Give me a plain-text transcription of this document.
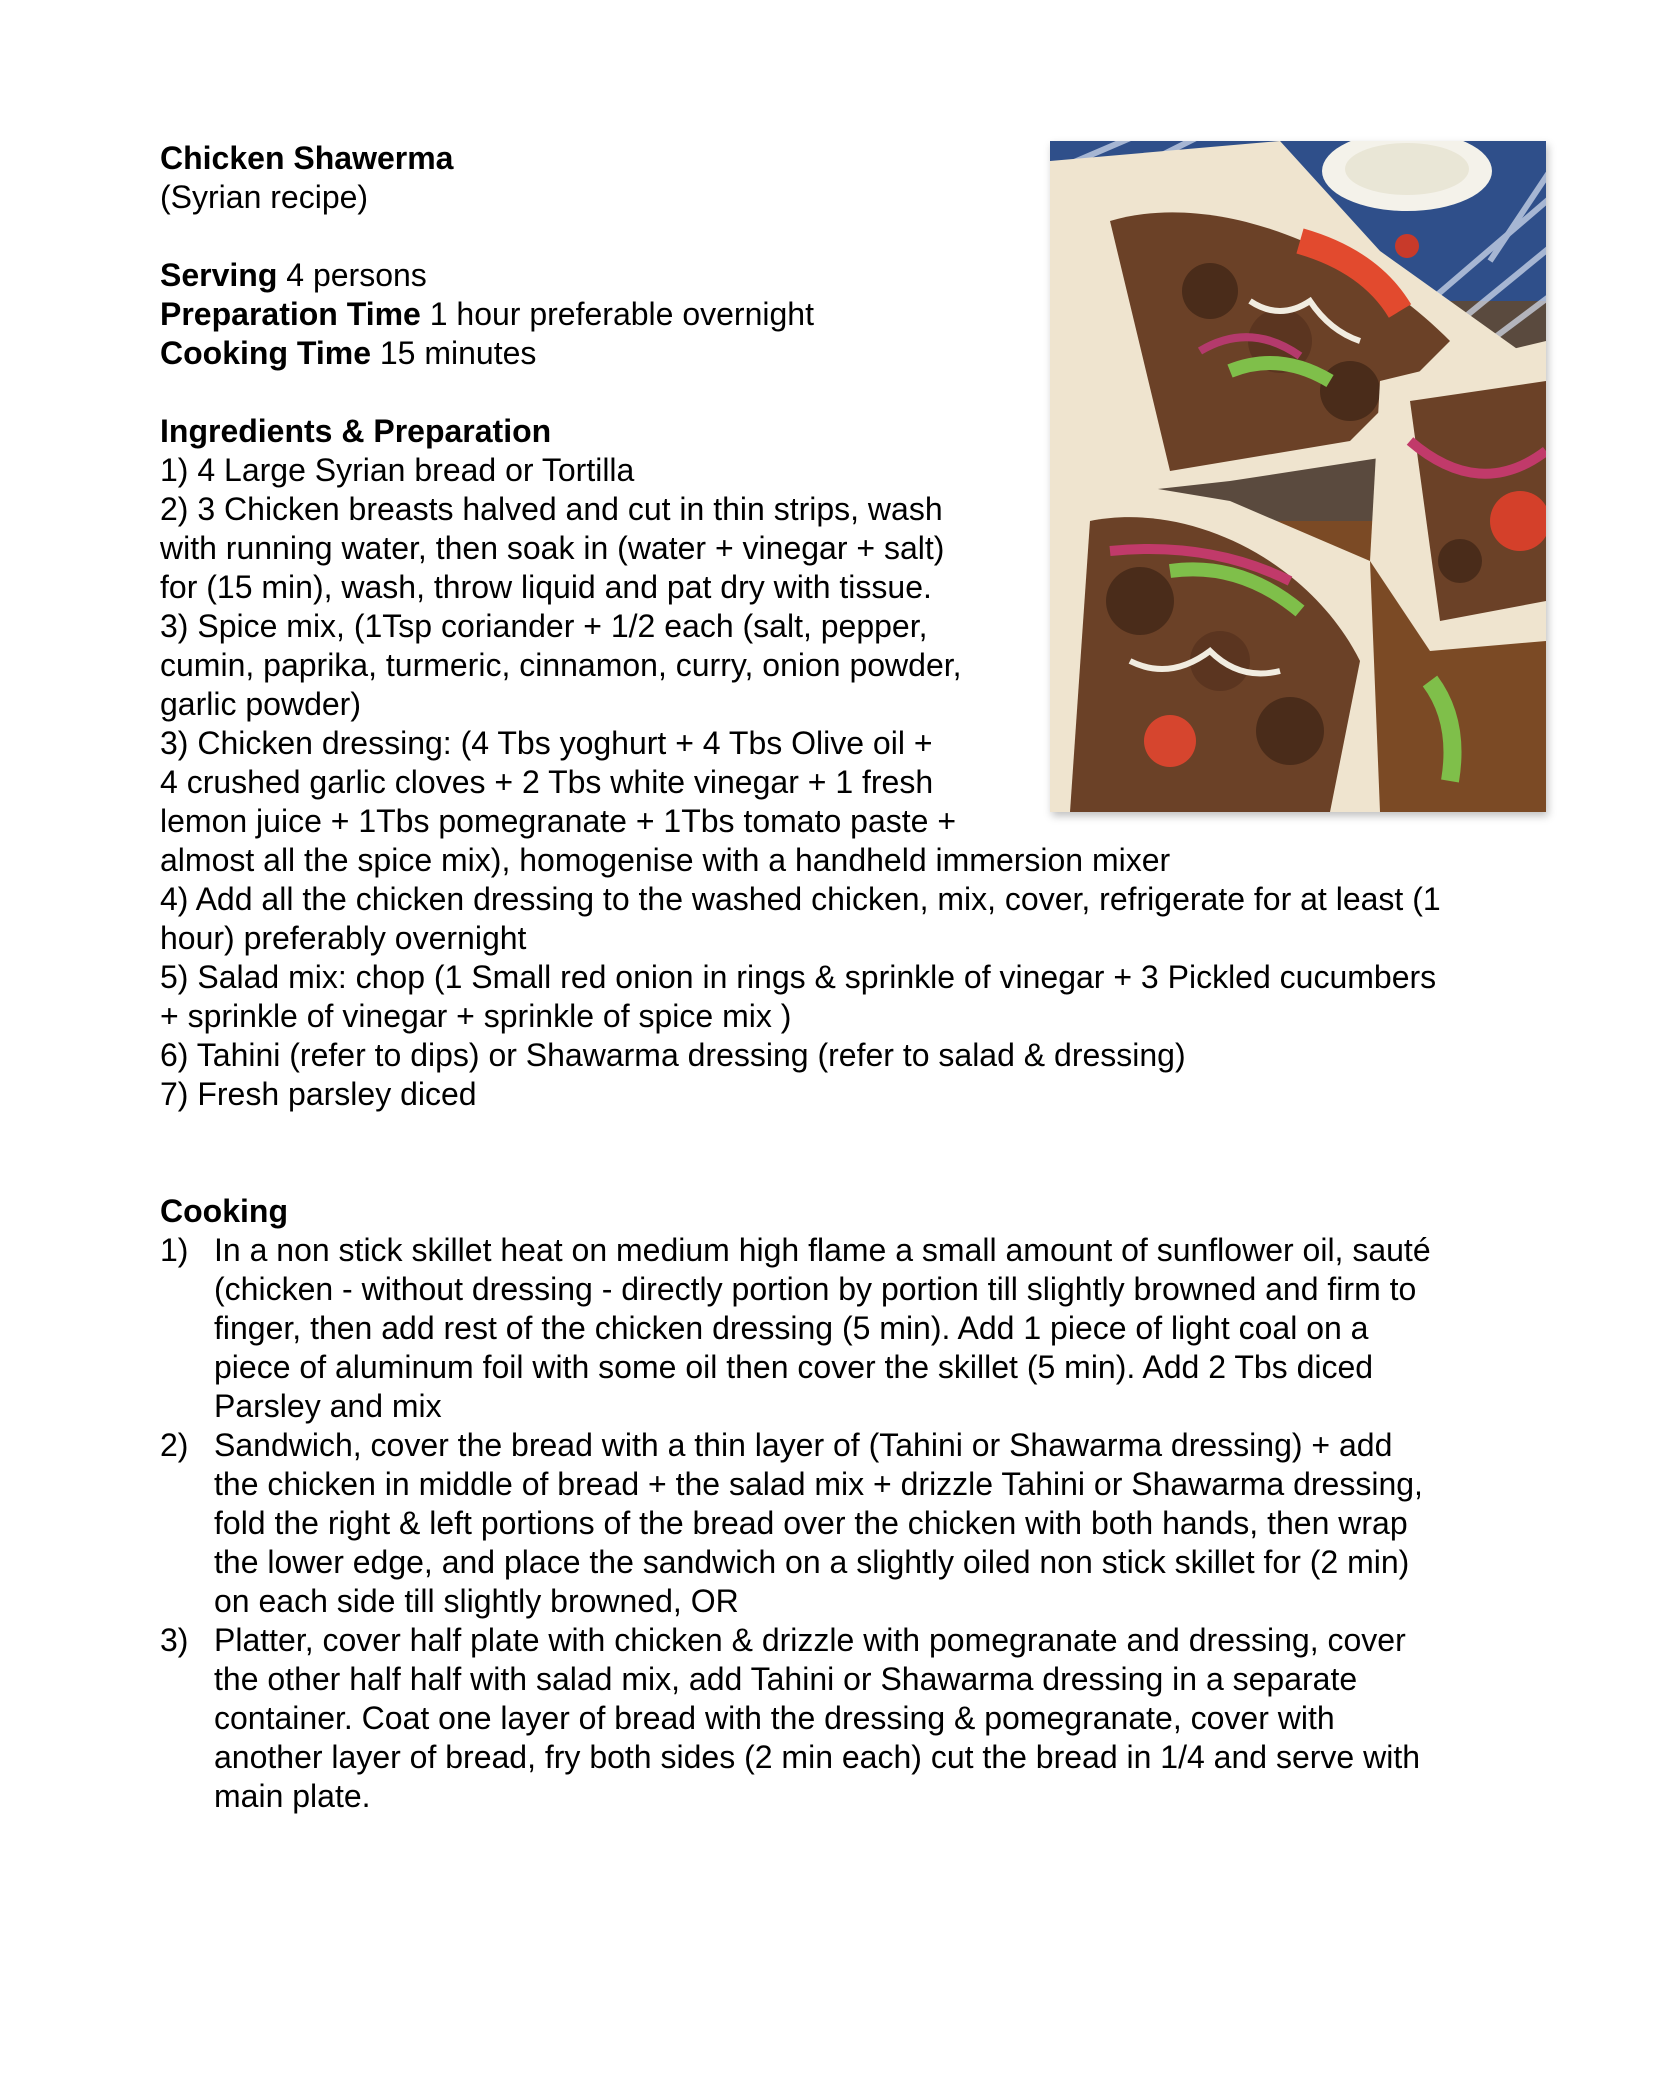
Chicken Shawerma
(Syrian recipe)
Serving 4 persons
Preparation Time 1 hour preferable overnight
Cooking Time 15 minutes
Ingredients & Preparation
1) 4 Large Syrian bread or Tortilla
2) 3 Chicken breasts halved and cut in thin strips, wash
with running water, then soak in (water + vinegar + salt)
for (15 min), wash, throw liquid and pat dry with tissue.
3) Spice mix, (1Tsp coriander + 1/2 each (salt, pepper,
cumin, paprika, turmeric, cinnamon, curry, onion powder,
garlic powder)
3) Chicken dressing: (4 Tbs yoghurt + 4 Tbs Olive oil +
4 crushed garlic cloves + 2 Tbs white vinegar + 1 fresh
lemon juice + 1Tbs pomegranate + 1Tbs tomato paste +
almost all the spice mix), homogenise with a handheld immersion mixer
4) Add all the chicken dressing to the washed chicken, mix, cover, refrigerate for at least (1
hour) preferably overnight
5) Salad mix: chop (1 Small red onion in rings & sprinkle of vinegar + 3 Pickled cucumbers
+ sprinkle of vinegar + sprinkle of spice mix )
6) Tahini (refer to dips) or Shawarma dressing (refer to salad & dressing)
7) Fresh parsley diced
Cooking
1) In a non stick skillet heat on medium high flame a small amount of sunflower oil, sauté
(chicken - without dressing - directly portion by portion till slightly browned and firm to
finger, then add rest of the chicken dressing (5 min). Add 1 piece of light coal on a
piece of aluminum foil with some oil then cover the skillet (5 min). Add 2 Tbs diced
Parsley and mix
2) Sandwich, cover the bread with a thin layer of (Tahini or Shawarma dressing) + add
the chicken in middle of bread + the salad mix + drizzle Tahini or Shawarma dressing,
fold the right & left portions of the bread over the chicken with both hands, then wrap
the lower edge, and place the sandwich on a slightly oiled non stick skillet for (2 min)
on each side till slightly browned, OR
3) Platter, cover half plate with chicken & drizzle with pomegranate and dressing, cover
the other half half with salad mix, add Tahini or Shawarma dressing in a separate
container. Coat one layer of bread with the dressing & pomegranate, cover with
another layer of bread, fry both sides (2 min each) cut the bread in 1/4 and serve with
main plate.
